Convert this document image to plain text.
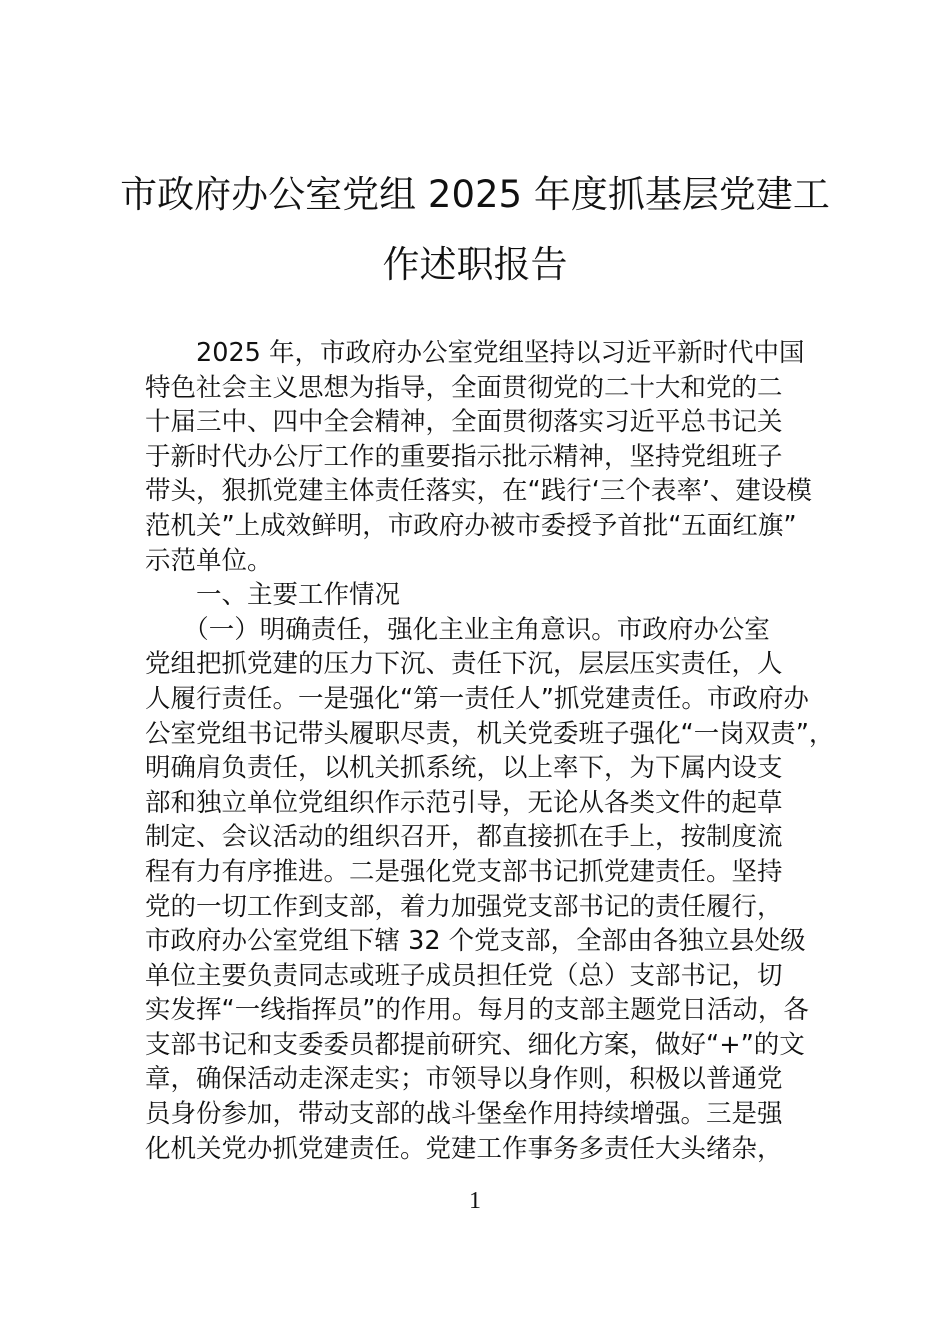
市政府办公室党组 2025 年度抓基层党建工
作述职报告
　　2025 年，市政府办公室党组坚持以习近平新时代中国
特色社会主义思想为指导，全面贯彻党的二十大和党的二
十届三中、四中全会精神，全面贯彻落实习近平总书记关
于新时代办公厅工作的重要指示批示精神，坚持党组班子
带头，狠抓党建主体责任落实，在“践行‘三个表率’、建设模
范机关”上成效鲜明，市政府办被市委授予首批“五面红旗”
示范单位。
　　一、主要工作情况
　　（一）明确责任，强化主业主角意识。市政府办公室
党组把抓党建的压力下沉、责任下沉，层层压实责任，人
人履行责任。一是强化“第一责任人”抓党建责任。市政府办
公室党组书记带头履职尽责，机关党委班子强化“一岗双责”，
明确肩负责任，以机关抓系统，以上率下，为下属内设支
部和独立单位党组织作示范引导，无论从各类文件的起草
制定、会议活动的组织召开，都直接抓在手上，按制度流
程有力有序推进。二是强化党支部书记抓党建责任。坚持
党的一切工作到支部，着力加强党支部书记的责任履行，
市政府办公室党组下辖 32 个党支部，全部由各独立县处级
单位主要负责同志或班子成员担任党（总）支部书记，切
实发挥“一线指挥员”的作用。每月的支部主题党日活动，各
支部书记和支委委员都提前研究、细化方案，做好“+”的文
章，确保活动走深走实；市领导以身作则，积极以普通党
员身份参加，带动支部的战斗堡垒作用持续增强。三是强
化机关党办抓党建责任。党建工作事务多责任大头绪杂，
1
